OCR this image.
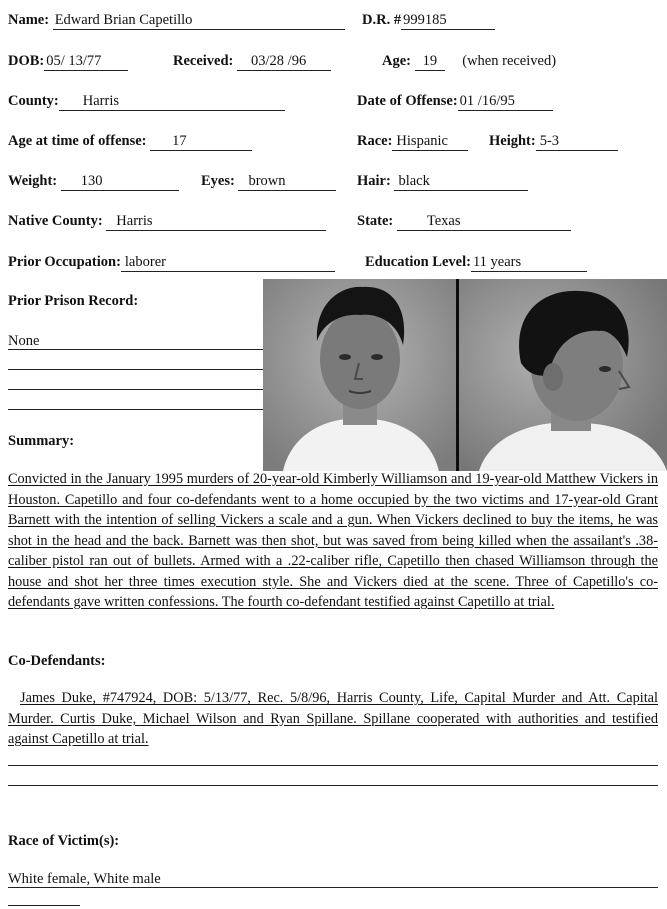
Name: Edward Brian Capetillo	D.R. # 999185
DOB:05/ 13/77	Received: 03/28 /96	Age: 19 (when received)
County: Harris	Date of Offense:01 /16/95
Age at time of offense: 17	Race: Hispanic	Height: 5-3
Weight: 130	Eyes: brown	Hair: black
Native County: Harris	State: Texas
Prior Occupation: laborer	Education Level: 11 years
Prior Prison Record:
None
Summary:
Convicted in the January 1995 murders of 20-year-old Kimberly Williamson and 19-year-old Matthew Vickers in Houston. Capetillo and four co-defendants went to a home occupied by the two victims and 17-year-old Grant Barnett with the intention of selling Vickers a scale and a gun. When Vickers declined to buy the items, he was shot in the head and the back. Barnett was then shot, but was saved from being killed when the assailant's .38-caliber pistol ran out of bullets. Armed with a .22-caliber rifle, Capetillo then chased Williamson through the house and shot her three times execution style. She and Vickers died at the scene. Three of Capetillo's co-defendants gave written confessions. The fourth co-defendant testified against Capetillo at trial.
Co-Defendants:
James Duke, #747924, DOB: 5/13/77, Rec. 5/8/96, Harris County, Life, Capital Murder and Att. Capital Murder. Curtis Duke, Michael Wilson and Ryan Spillane. Spillane cooperated with authorities and testified against Capetillo at trial.
Race of Victim(s):
White female, White male
